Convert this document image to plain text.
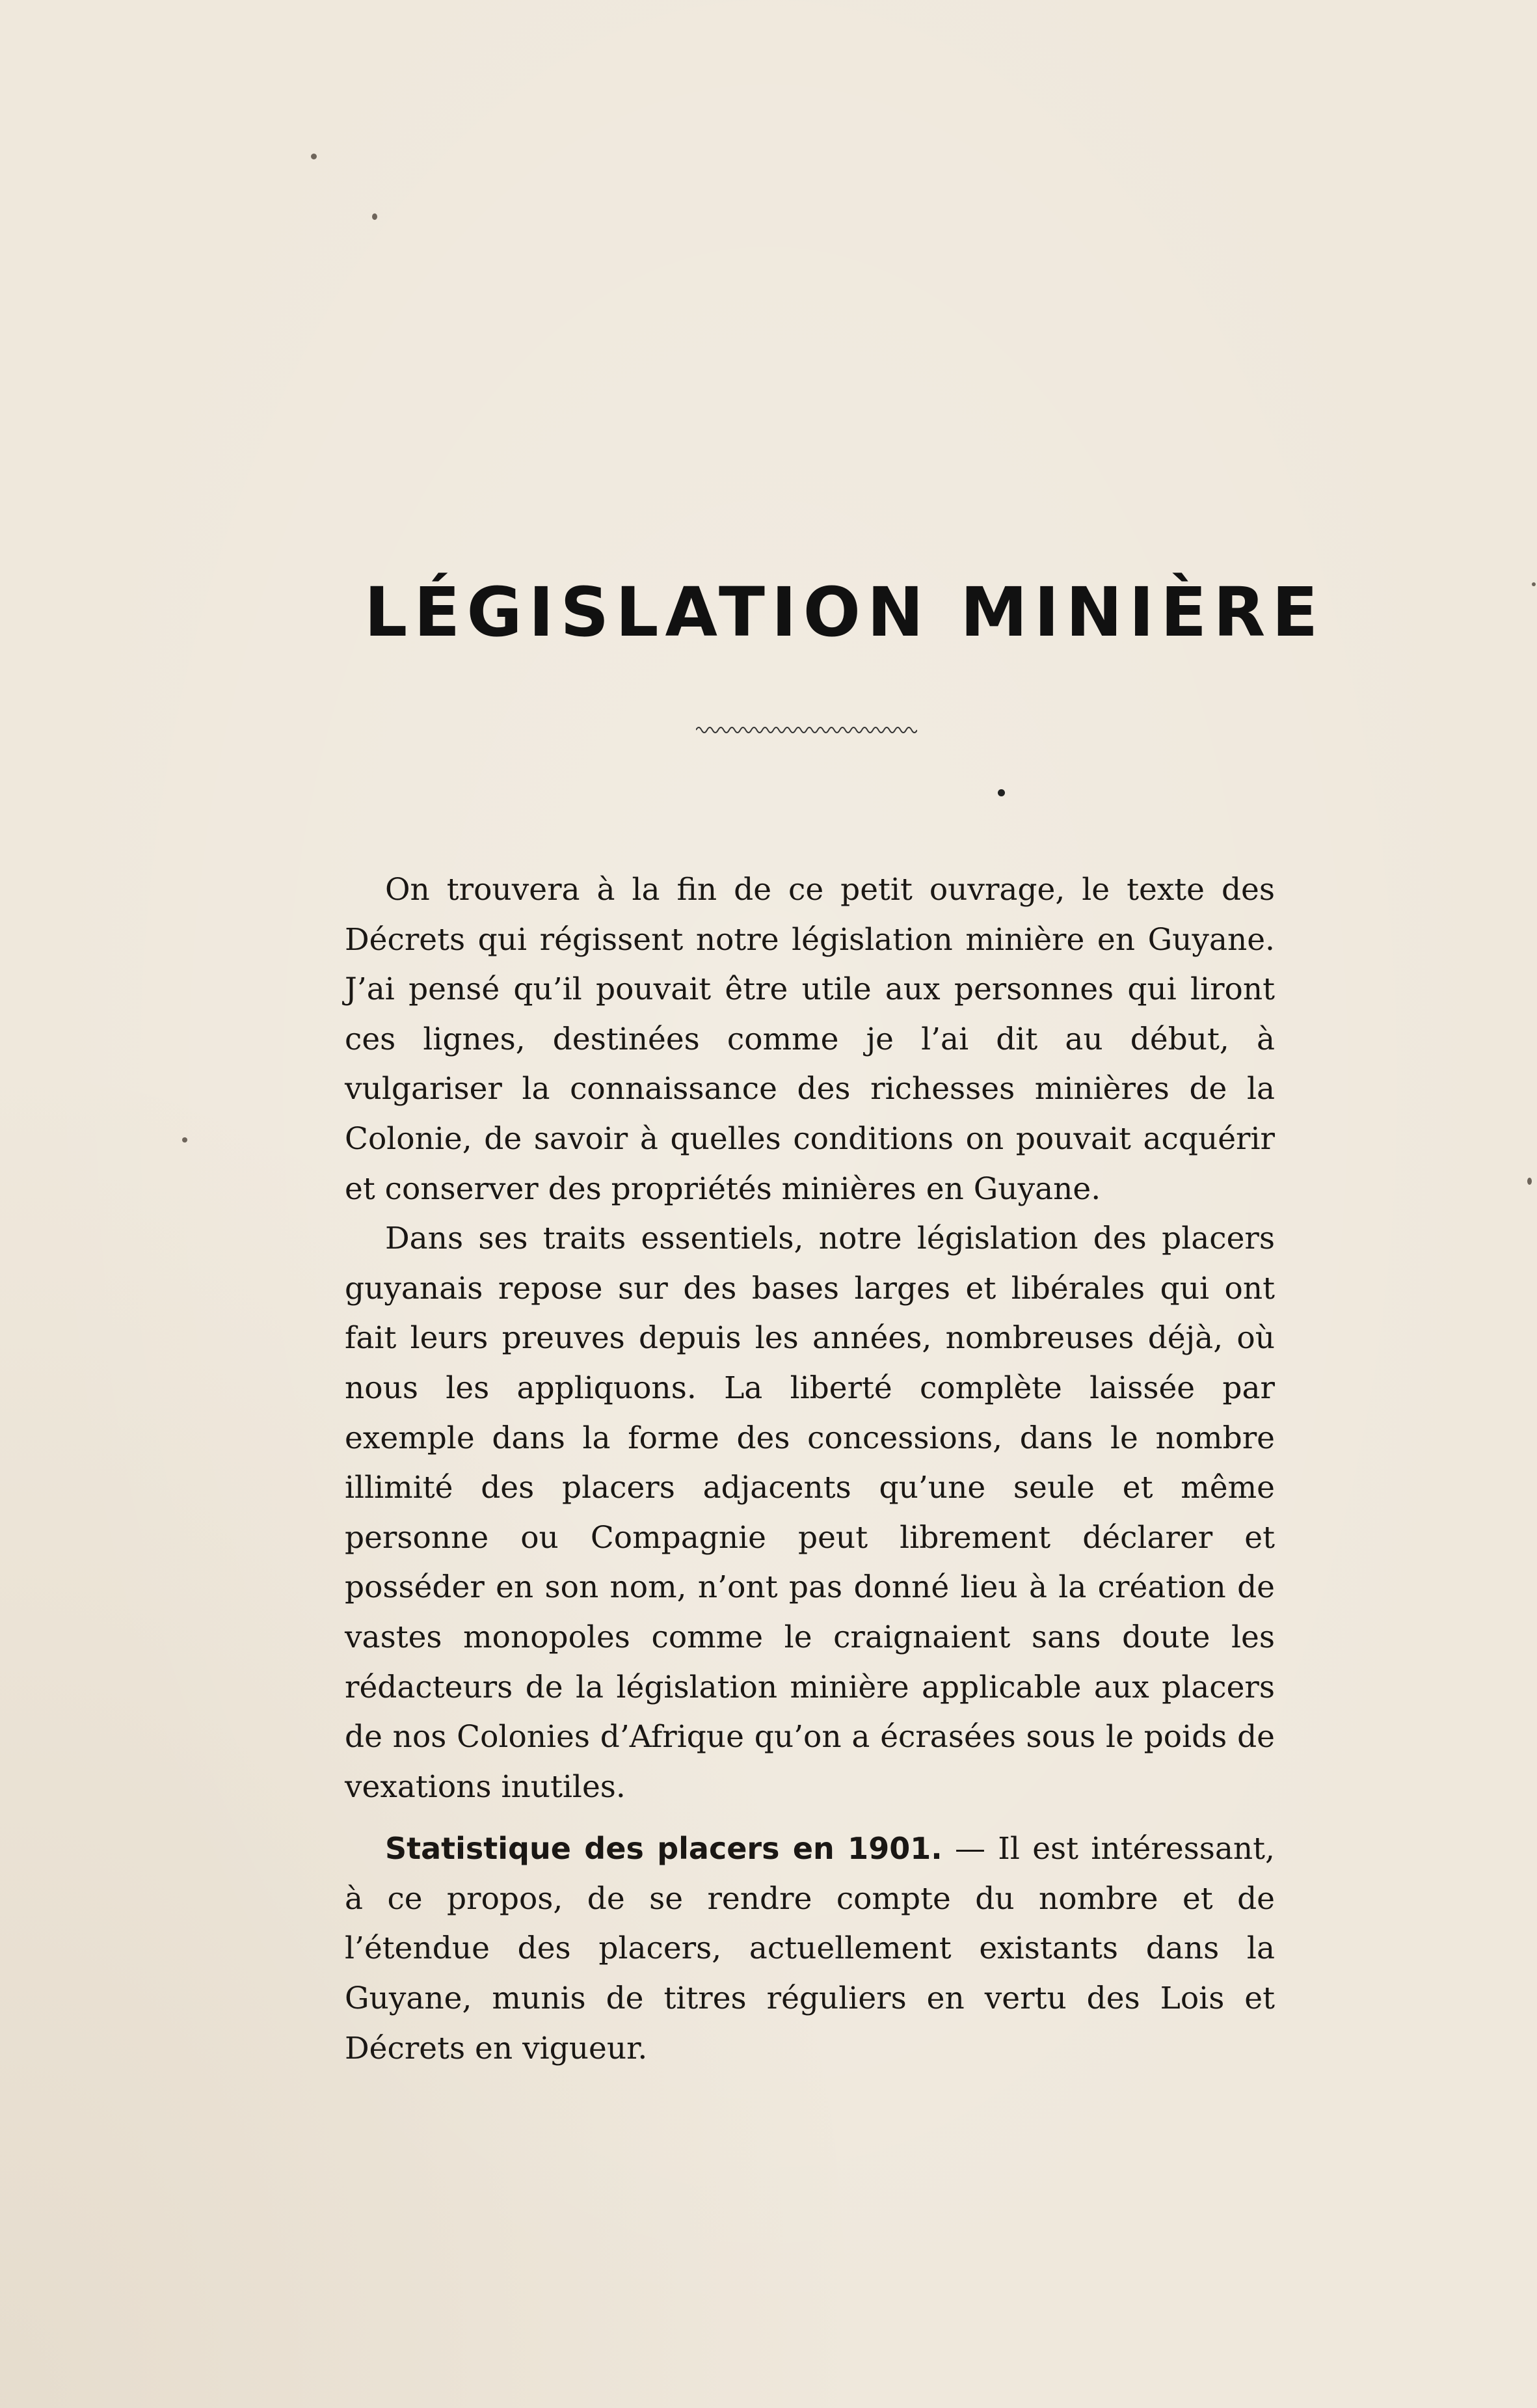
LÉGISLATION MINIÈRE

On trouvera à la fin de ce petit ouvrage, le texte des Décrets qui régissent notre législation minière en Guyane. J’ai pensé qu’il pouvait être utile aux personnes qui liront ces lignes, destinées comme je l’ai dit au début, à vulgariser la connaissance des richesses minières de la Colonie, de savoir à quelles conditions on pouvait acquérir et conserver des propriétés minières en Guyane.

Dans ses traits essentiels, notre législation des placers guyanais repose sur des bases larges et libérales qui ont fait leurs preuves depuis les années, nombreuses déjà, où nous les appliquons. La liberté complète laissée par exemple dans la forme des concessions, dans le nombre illimité des placers adjacents qu’une seule et même personne ou Compagnie peut librement déclarer et posséder en son nom, n’ont pas donné lieu à la création de vastes monopoles comme le craignaient sans doute les rédacteurs de la législation minière applicable aux placers de nos Colonies d’Afrique qu’on a écrasées sous le poids de vexations inutiles.

Statistique des placers en 1901. — Il est intéressant, à ce propos, de se rendre compte du nombre et de l’étendue des placers, actuellement existants dans la Guyane, munis de titres réguliers en vertu des Lois et Décrets en vigueur.
